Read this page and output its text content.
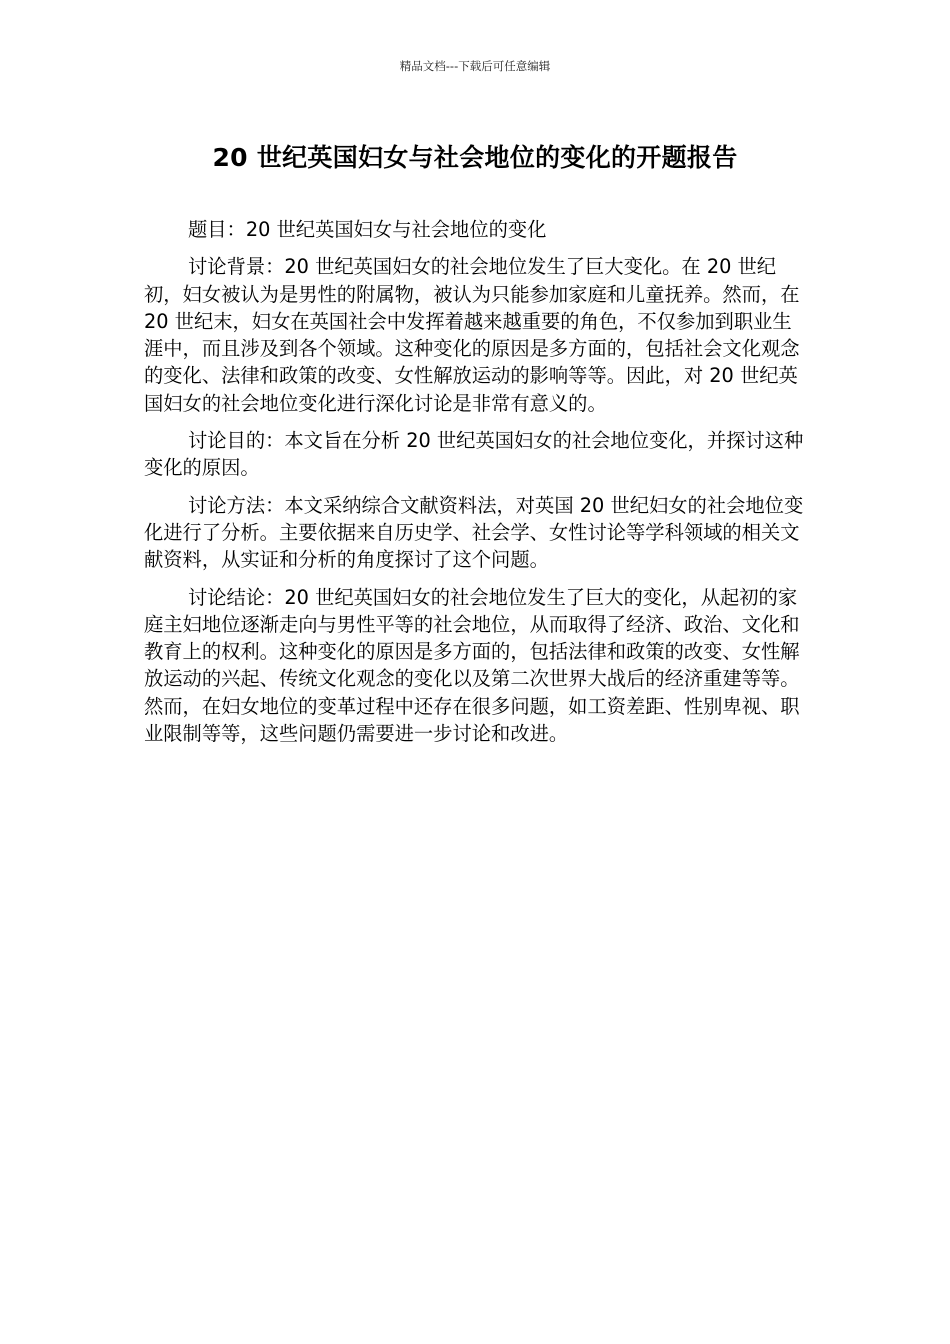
精品文档---下载后可任意编辑
20 世纪英国妇女与社会地位的变化的开题报告

题目：20 世纪英国妇女与社会地位的变化

讨论背景：20 世纪英国妇女的社会地位发生了巨大变化。在 20 世纪初，妇女被认为是男性的附属物，被认为只能参加家庭和儿童抚养。然而，在 20 世纪末，妇女在英国社会中发挥着越来越重要的角色，不仅参加到职业生涯中，而且涉及到各个领域。这种变化的原因是多方面的，包括社会文化观念的变化、法律和政策的改变、女性解放运动的影响等等。因此，对 20 世纪英国妇女的社会地位变化进行深化讨论是非常有意义的。

讨论目的：本文旨在分析 20 世纪英国妇女的社会地位变化，并探讨这种变化的原因。

讨论方法：本文采纳综合文献资料法，对英国 20 世纪妇女的社会地位变化进行了分析。主要依据来自历史学、社会学、女性讨论等学科领域的相关文献资料，从实证和分析的角度探讨了这个问题。

讨论结论：20 世纪英国妇女的社会地位发生了巨大的变化，从起初的家庭主妇地位逐渐走向与男性平等的社会地位，从而取得了经济、政治、文化和教育上的权利。这种变化的原因是多方面的，包括法律和政策的改变、女性解放运动的兴起、传统文化观念的变化以及第二次世界大战后的经济重建等等。然而，在妇女地位的变革过程中还存在很多问题，如工资差距、性别卑视、职业限制等等，这些问题仍需要进一步讨论和改进。
